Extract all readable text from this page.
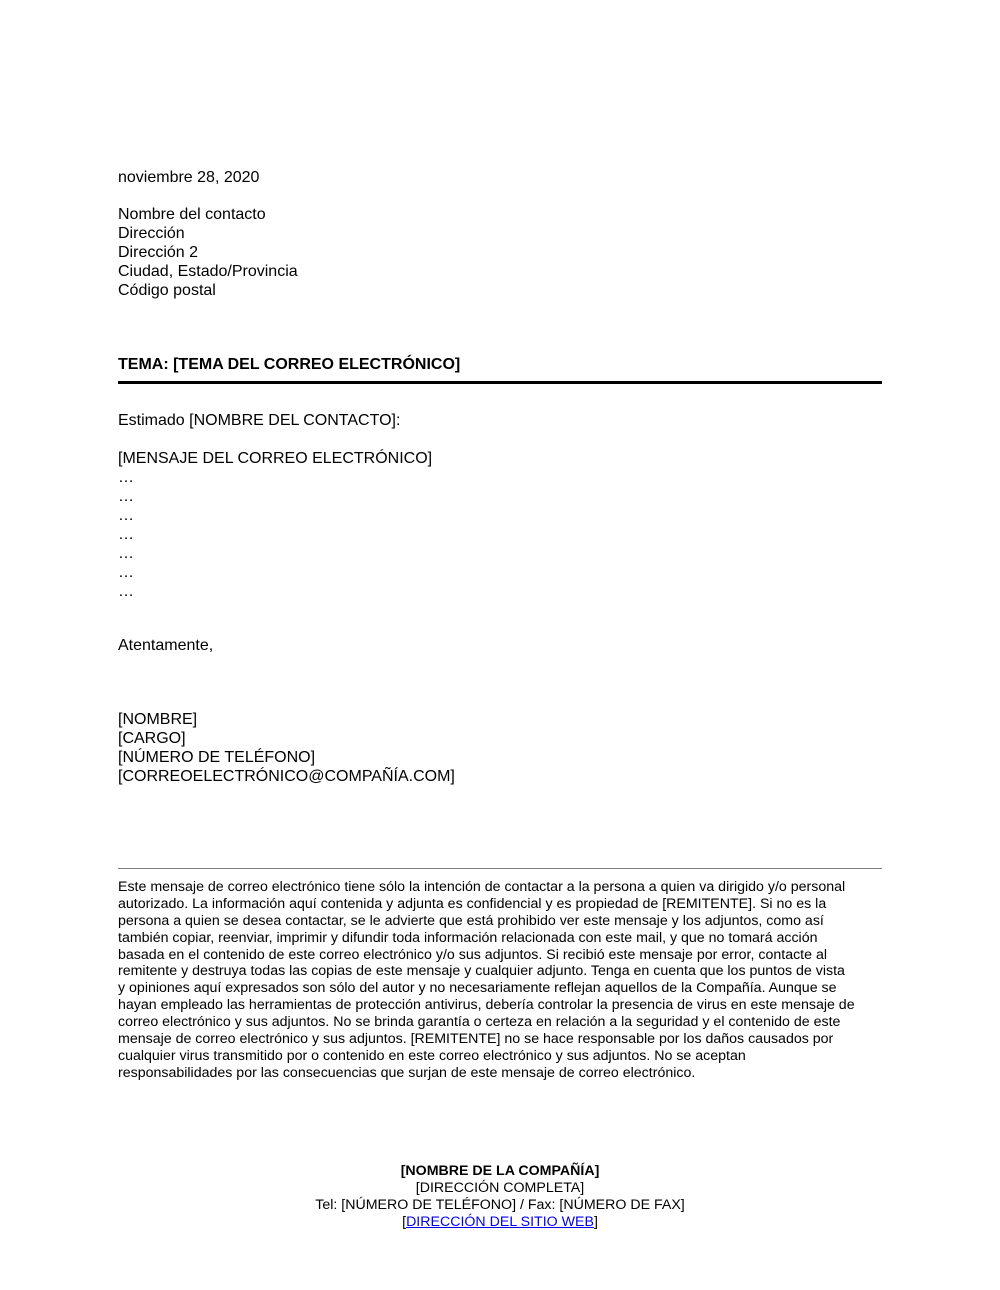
noviembre 28, 2020
Nombre del contacto
Dirección
Dirección 2
Ciudad, Estado/Provincia
Código postal
TEMA: [TEMA DEL CORREO ELECTRÓNICO]
Estimado [NOMBRE DEL CONTACTO]:
[MENSAJE DEL CORREO ELECTRÓNICO]
…
…
…
…
…
…
…
Atentamente,
[NOMBRE]
[CARGO]
[NÚMERO DE TELÉFONO]
[CORREOELECTRÓNICO@COMPAÑÍA.COM]
Este mensaje de correo electrónico tiene sólo la intención de contactar a la persona a quien va dirigido y/o personal
autorizado. La información aquí contenida y adjunta es confidencial y es propiedad de [REMITENTE]. Si no es la
persona a quien se desea contactar, se le advierte que está prohibido ver este mensaje y los adjuntos, como así
también copiar, reenviar, imprimir y difundir toda información relacionada con este mail, y que no tomará acción
basada en el contenido de este correo electrónico y/o sus adjuntos. Si recibió este mensaje por error, contacte al
remitente y destruya todas las copias de este mensaje y cualquier adjunto. Tenga en cuenta que los puntos de vista
y opiniones aquí expresados son sólo del autor y no necesariamente reflejan aquellos de la Compañía. Aunque se
hayan empleado las herramientas de protección antivirus, debería controlar la presencia de virus en este mensaje de
correo electrónico y sus adjuntos. No se brinda garantía o certeza en relación a la seguridad y el contenido de este
mensaje de correo electrónico y sus adjuntos. [REMITENTE] no se hace responsable por los daños causados por
cualquier virus transmitido por o contenido en este correo electrónico y sus adjuntos. No se aceptan
responsabilidades por las consecuencias que surjan de este mensaje de correo electrónico.
[NOMBRE DE LA COMPAÑÍA]
[DIRECCIÓN COMPLETA]
Tel: [NÚMERO DE TELÉFONO] / Fax: [NÚMERO DE FAX]
[DIRECCIÓN DEL SITIO WEB]
